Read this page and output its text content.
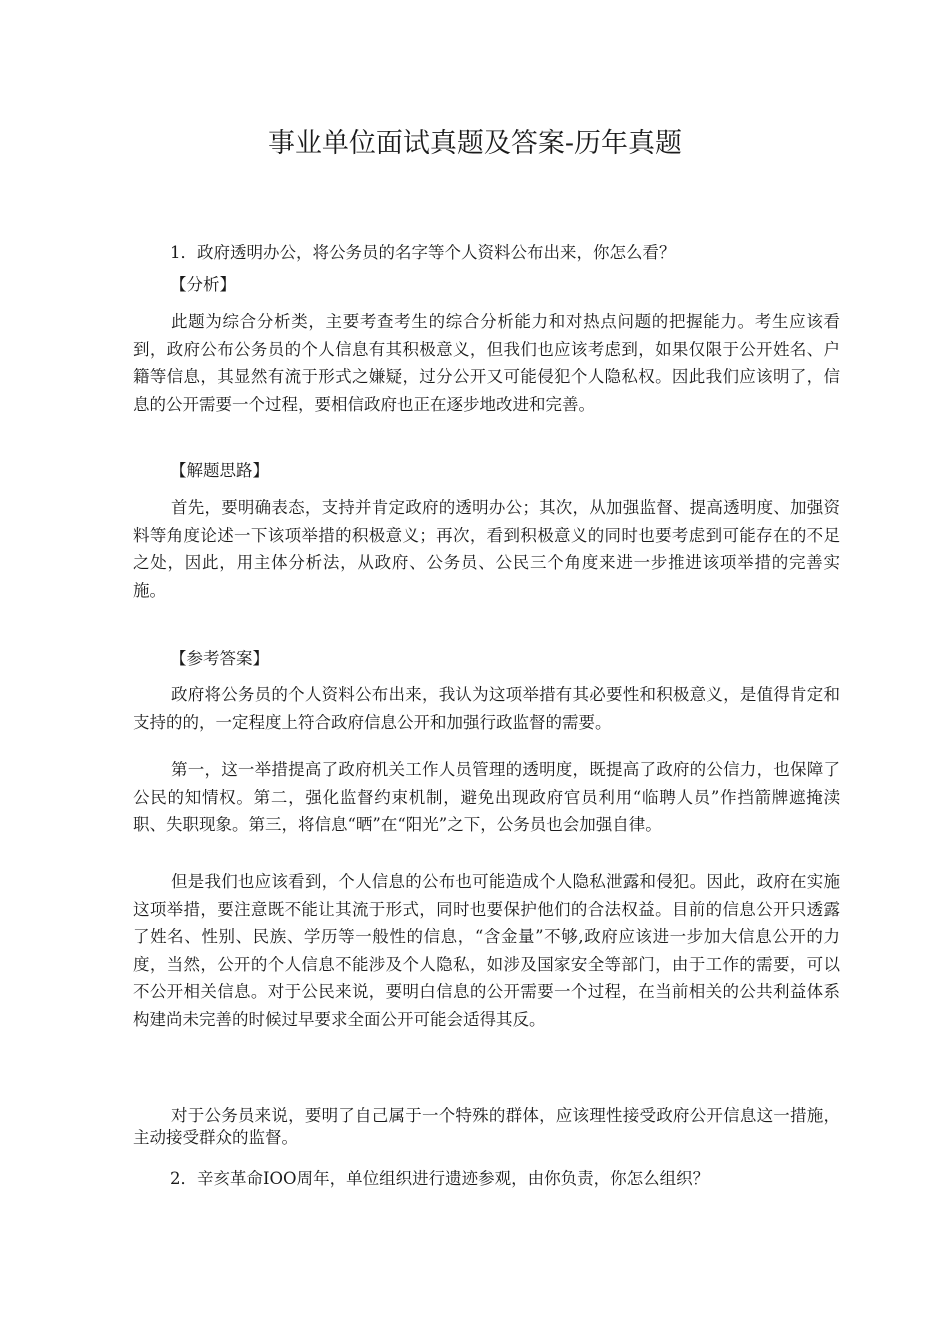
事业单位面试真题及答案-历年真题

1．政府透明办公，将公务员的名字等个人资料公布出来，你怎么看？

【分析】

此题为综合分析类，主要考查考生的综合分析能力和对热点问题的把握能力。考生应该看到，政府公布公务员的个人信息有其积极意义，但我们也应该考虑到，如果仅限于公开姓名、户籍等信息，其显然有流于形式之嫌疑，过分公开又可能侵犯个人隐私权。因此我们应该明了，信息的公开需要一个过程，要相信政府也正在逐步地改进和完善。

【解题思路】

首先，要明确表态，支持并肯定政府的透明办公；其次，从加强监督、提高透明度、加强资料等角度论述一下该项举措的积极意义；再次，看到积极意义的同时也要考虑到可能存在的不足之处，因此，用主体分析法，从政府、公务员、公民三个角度来进一步推进该项举措的完善实施。

【参考答案】

政府将公务员的个人资料公布出来，我认为这项举措有其必要性和积极意义，是值得肯定和支持的的，一定程度上符合政府信息公开和加强行政监督的需要。

第一，这一举措提高了政府机关工作人员管理的透明度，既提高了政府的公信力，也保障了公民的知情权。第二，强化监督约束机制，避免出现政府官员利用“临聘人员”作挡箭牌遮掩渎职、失职现象。第三，将信息“晒”在“阳光”之下，公务员也会加强自律。

但是我们也应该看到，个人信息的公布也可能造成个人隐私泄露和侵犯。因此，政府在实施这项举措，要注意既不能让其流于形式，同时也要保护他们的合法权益。目前的信息公开只透露了姓名、性别、民族、学历等一般性的信息，“含金量”不够,政府应该进一步加大信息公开的力度，当然，公开的个人信息不能涉及个人隐私，如涉及国家安全等部门，由于工作的需要，可以不公开相关信息。对于公民来说，要明白信息的公开需要一个过程，在当前相关的公共利益体系构建尚未完善的时候过早要求全面公开可能会适得其反。

对于公务员来说，要明了自己属于一个特殊的群体，应该理性接受政府公开信息这一措施，主动接受群众的监督。

2．辛亥革命IOO周年，单位组织进行遗迹参观，由你负责，你怎么组织？
